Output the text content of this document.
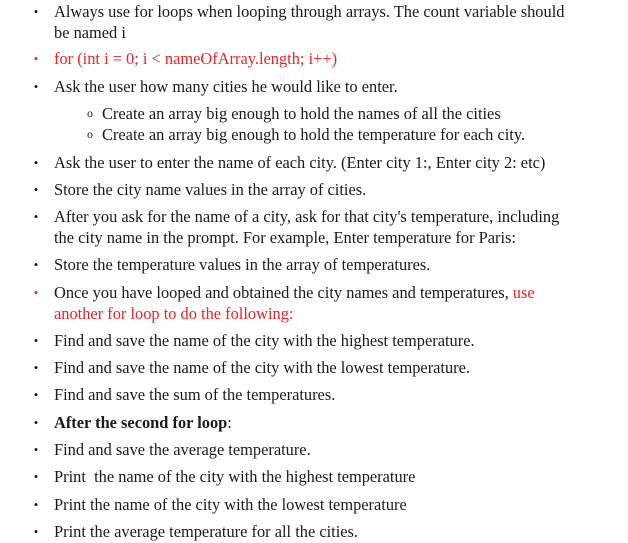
• Always use for loops when looping through arrays. The count variable should
be named i
• for (int i = 0; i < nameOfArray.length; i++)
• Ask the user how many cities he would like to enter.
o Create an array big enough to hold the names of all the cities
o Create an array big enough to hold the temperature for each city.
• Ask the user to enter the name of each city. (Enter city 1:, Enter city 2: etc)
• Store the city name values in the array of cities.
• After you ask for the name of a city, ask for that city's temperature, including
the city name in the prompt. For example, Enter temperature for Paris:
• Store the temperature values in the array of temperatures.
• Once you have looped and obtained the city names and temperatures, use
another for loop to do the following:
• Find and save the name of the city with the highest temperature.
• Find and save the name of the city with the lowest temperature.
• Find and save the sum of the temperatures.
• After the second for loop:
• Find and save the average temperature.
• Print  the name of the city with the highest temperature
• Print the name of the city with the lowest temperature
• Print the average temperature for all the cities.
